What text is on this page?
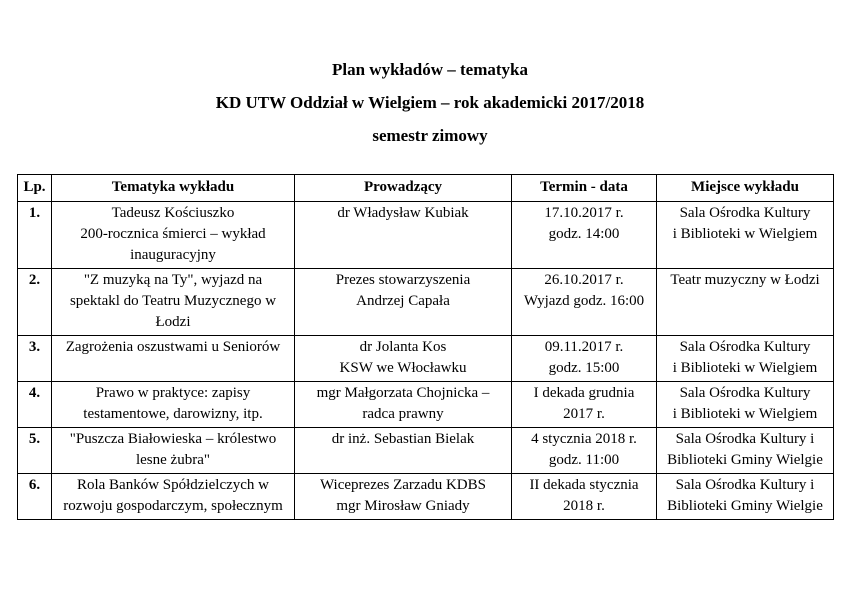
Plan wykładów – tematyka
KD UTW Oddział w Wielgiem – rok akademicki 2017/2018
semestr zimowy
Lp.	Tematyka wykładu	Prowadzący	Termin - data	Miejsce wykładu
1.	Tadeusz Kościuszko
200-rocznica śmierci – wykład
inauguracyjny	dr Władysław Kubiak	17.10.2017 r.
godz. 14:00	Sala Ośrodka Kultury
i Biblioteki w Wielgiem

2.	"Z muzyką na Ty", wyjazd na
spektakl do Teatru Muzycznego w
Łodzi	Prezes stowarzyszenia
Andrzej Capała	26.10.2017 r.
Wyjazd godz. 16:00	Teatr muzyczny w Łodzi

3.	Zagrożenia oszustwami u Seniorów	dr Jolanta Kos
KSW we Włocławku	09.11.2017 r.
godz. 15:00	Sala Ośrodka Kultury
i Biblioteki w Wielgiem

4.	Prawo w praktyce: zapisy
testamentowe, darowizny, itp.	mgr Małgorzata Chojnicka –
radca prawny	I dekada grudnia
2017 r.	Sala Ośrodka Kultury
i Biblioteki w Wielgiem

5.	"Puszcza Białowieska – królestwo
lesne żubra"	dr inż. Sebastian Bielak	4 stycznia 2018 r.
godz. 11:00	Sala Ośrodka Kultury i
Biblioteki Gminy Wielgie

6.	Rola Banków Spółdzielczych w
rozwoju gospodarczym, społecznym	Wiceprezes Zarzadu KDBS
mgr Mirosław Gniady	II dekada stycznia
2018 r.	Sala Ośrodka Kultury i
Biblioteki Gminy Wielgie
